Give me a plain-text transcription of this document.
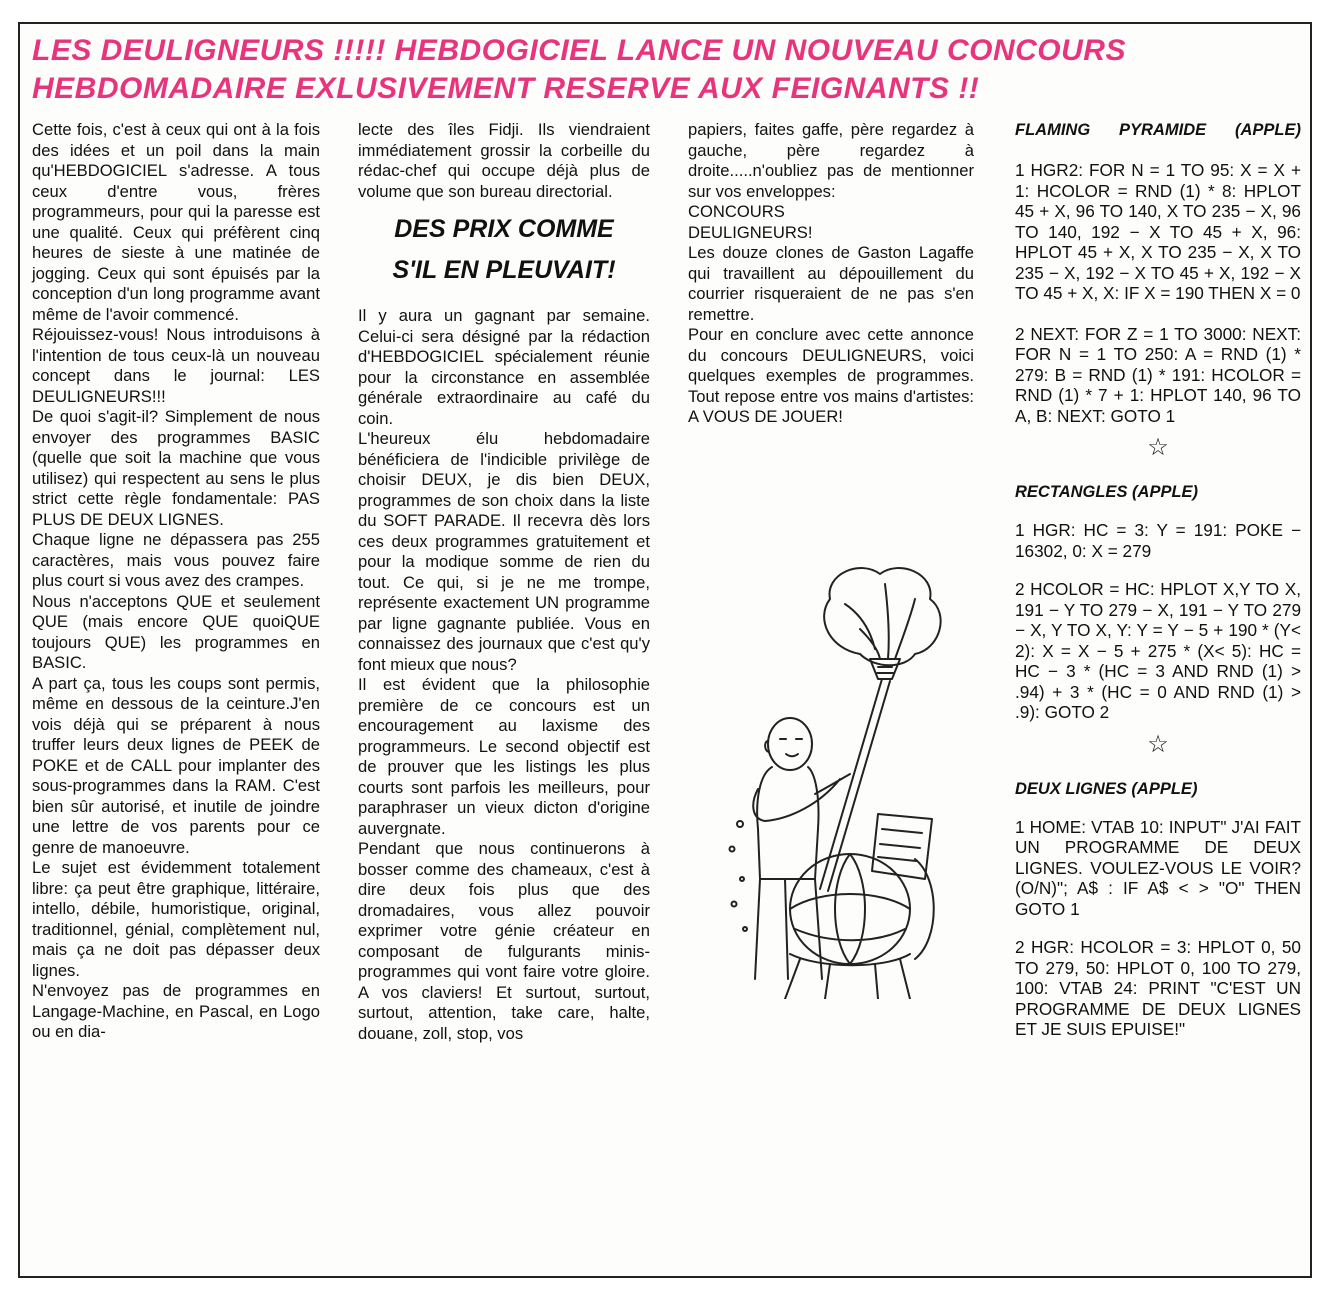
LES DEULIGNEURS !!!!! HEBDOGICIEL LANCE UN NOUVEAU CONCOURS
HEBDOMADAIRE EXLUSIVEMENT RESERVE AUX FEIGNANTS !!

Cette fois, c'est à ceux qui ont à la fois des idées et un poil dans la main qu'HEBDOGICIEL s'adresse. A tous ceux d'entre vous, frères programmeurs, pour qui la paresse est une qualité. Ceux qui préfèrent cinq heures de sieste à une matinée de jogging. Ceux qui sont épuisés par la conception d'un long programme avant même de l'avoir commencé.

Réjouissez-vous! Nous introduisons à l'intention de tous ceux-là un nouveau concept dans le journal: LES DEULIGNEURS!!!

De quoi s'agit-il? Simplement de nous envoyer des programmes BASIC (quelle que soit la machine que vous utilisez) qui respectent au sens le plus strict cette règle fondamentale: PAS PLUS DE DEUX LIGNES.

Chaque ligne ne dépassera pas 255 caractères, mais vous pouvez faire plus court si vous avez des crampes.

Nous n'acceptons QUE et seulement QUE (mais encore QUE quoiQUE toujours QUE) les programmes en BASIC.

A part ça, tous les coups sont permis, même en dessous de la ceinture.J'en vois déjà qui se préparent à nous truffer leurs deux lignes de PEEK de POKE et de CALL pour implanter des sous-programmes dans la RAM. C'est bien sûr autorisé, et inutile de joindre une lettre de vos parents pour ce genre de manoeuvre.

Le sujet est évidemment totalement libre: ça peut être graphique, littéraire, intello, débile, humoristique, original, traditionnel, génial, complètement nul, mais ça ne doit pas dépasser deux lignes.

N'envoyez pas de programmes en Langage-Machine, en Pascal, en Logo ou en dia-

lecte des îles Fidji. Ils viendraient immédiatement grossir la corbeille du rédac-chef qui occupe déjà plus de volume que son bureau directorial.

DES PRIX COMME
S'IL EN PLEUVAIT!

Il y aura un gagnant par semaine. Celui-ci sera désigné par la rédaction d'HEBDOGICIEL spécialement réunie pour la circonstance en assemblée générale extraordinaire au café du coin.

L'heureux élu hebdomadaire bénéficiera de l'indicible privilège de choisir DEUX, je dis bien DEUX, programmes de son choix dans la liste du SOFT PARADE. Il recevra dès lors ces deux programmes gratuitement et pour la modique somme de rien du tout. Ce qui, si je ne me trompe, représente exactement UN programme par ligne gagnante publiée. Vous en connaissez des journaux que c'est qu'y font mieux que nous?

Il est évident que la philosophie première de ce concours est un encouragement au laxisme des programmeurs. Le second objectif est de prouver que les listings les plus courts sont parfois les meilleurs, pour paraphraser un vieux dicton d'origine auvergnate.

Pendant que nous continuerons à bosser comme des chameaux, c'est à dire deux fois plus que des dromadaires, vous allez pouvoir exprimer votre génie créateur en composant de fulgurants minis-programmes qui vont faire votre gloire. A vos claviers! Et surtout, surtout, surtout, attention, take care, halte, douane, zoll, stop, vos

papiers, faites gaffe, père regardez à gauche, père regardez à droite.....n'oubliez pas de mentionner sur vos enveloppes:

CONCOURS

DEULIGNEURS!

Les douze clones de Gaston Lagaffe qui travaillent au dépouillement du courrier risqueraient de ne pas s'en remettre.

Pour en conclure avec cette annonce du concours DEULIGNEURS, voici quelques exemples de programmes. Tout repose entre vos mains d'artistes: A VOUS DE JOUER!

FLAMING PYRAMIDE (APPLE)

1 HGR2: FOR N = 1 TO 95: X = X + 1: HCOLOR = RND (1) * 8: HPLOT 45 + X, 96 TO 140, X TO 235 − X, 96 TO 140, 192 − X TO 45 + X, 96: HPLOT 45 + X, X TO 235 − X, X TO 235 − X, 192 − X TO 45 + X, 192 − X TO 45 + X, X: IF X = 190 THEN X = 0

2 NEXT: FOR Z = 1 TO 3000: NEXT: FOR N = 1 TO 250: A = RND (1) * 279: B = RND (1) * 191: HCOLOR = RND (1) * 7 + 1: HPLOT 140, 96 TO A, B: NEXT: GOTO 1

☆
RECTANGLES (APPLE)

1 HGR: HC = 3: Y = 191: POKE − 16302, 0: X = 279

2 HCOLOR = HC: HPLOT X,Y TO X, 191 − Y TO 279 − X, 191 − Y TO 279 − X, Y TO X, Y: Y = Y − 5 + 190 * (Y< 2): X = X − 5 + 275 * (X< 5): HC = HC − 3 * (HC = 3 AND RND (1) > .94) + 3 * (HC = 0 AND RND (1) > .9): GOTO 2

☆
DEUX LIGNES (APPLE)

1 HOME: VTAB 10: INPUT" J'AI FAIT UN PROGRAMME DE DEUX LIGNES. VOULEZ-VOUS LE VOIR? (O/N)"; A$ : IF A$ < > "O" THEN GOTO 1

2 HGR: HCOLOR = 3: HPLOT 0, 50 TO 279, 50: HPLOT 0, 100 TO 279, 100: VTAB 24: PRINT "C'EST UN PROGRAMME DE DEUX LIGNES ET JE SUIS EPUISE!"
